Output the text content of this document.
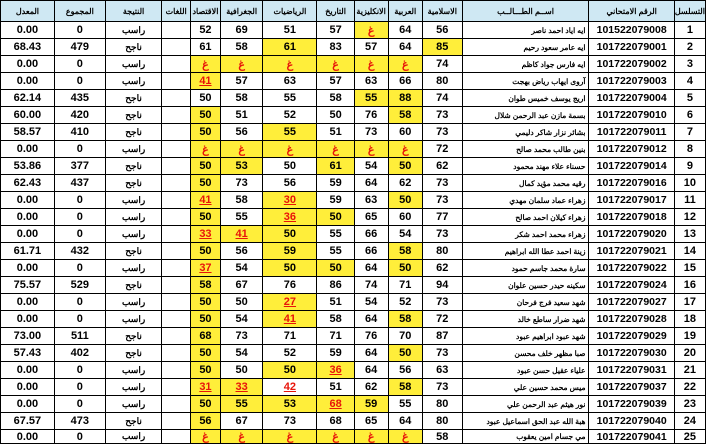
المعدل	المجموع	النتيجة	اللغات	الاقتصاد	الجغرافية	الرياضيات	التاريخ	الانكليزية	العربية	الاسلامية	اســم الطـــالــب	الرقم الامتحاني	التسلسل
0.00	0	راسب		52	69	51	57	غ	64	56	ايه اياد احمد ناصر	101522079008	1
68.43	479	ناجح		61	58	61	83	57	64	85	ايه عامر سعود رحيم	101722079001	2
0.00	0	راسب		غ	غ	غ	غ	غ	غ	74	ايه فارس جواد كاظم	101722079002	3
0.00	0	راسب		41	57	63	57	63	66	80	آروى ايهاب رياض بهجت	101722079003	4
62.14	435	ناجح		50	58	55	58	55	88	74	اريج يوسف خميس طوان	101722079004	5
60.00	420	ناجح		50	51	52	50	76	58	73	بسمة مازن عبد الرحمن شلال	101722079010	6
58.57	410	ناجح		50	56	55	51	73	60	73	بشائر نزار شاكر دليمي	101722079011	7
0.00	0	راسب		غ	غ	غ	غ	غ	غ	72	بنين طالب محمد صالح	101722079012	8
53.86	377	ناجح		50	53	50	61	54	50	62	حسناء علاء مهند محمود	101722079014	9
62.43	437	ناجح		50	73	56	59	64	62	73	رقيه محمد مؤيد كمال	101722079016	10
0.00	0	راسب		41	58	30	59	63	50	73	زهراء عماد سلمان مهدي	101722079017	11
0.00	0	راسب		50	55	36	50	65	60	77	زهراء كيلان احمد صالح	101722079018	12
0.00	0	راسب		33	41	50	55	66	54	73	زهراء محمد احمد شكر	101722079020	13
61.71	432	ناجح		50	56	59	55	66	58	80	زينة احمد عطا الله ابراهيم	101722079021	14
0.00	0	راسب		37	54	50	50	64	50	62	سارة محمد جاسم حمود	101722079022	15
75.57	529	ناجح		58	67	76	86	74	71	94	سكينه حيدر حسين علوان	101722079024	16
0.00	0	راسب		50	50	27	51	54	52	73	شهد سعيد فرج فرحان	101722079027	17
0.00	0	راسب		50	54	41	58	64	58	72	شهد ضرار ساطع خالد	101722079028	18
73.00	511	ناجح		68	73	71	71	76	70	87	شهد عبود ابراهيم عبود	101722079029	19
57.43	402	ناجح		50	54	52	59	64	50	73	صبا مظهر خلف محسن	101722079030	20
0.00	0	راسب		50	50	50	36	64	56	63	علياء عقيل حسن عبود	101722079031	21
0.00	0	راسب		31	33	42	51	62	58	73	ميس محمد حسين علي	101722079037	22
0.00	0	راسب		50	55	53	68	59	55	80	نور هيثم عبد الرحمن علي	101722079039	23
67.57	473	ناجح		56	67	73	68	65	64	80	هبة الله عبد الحق اسماعيل عبود	101722079040	24
0.00	0	راسب		غ	غ	غ	غ	غ	غ	58	مي جسام امين يعقوب	101722079041	25
